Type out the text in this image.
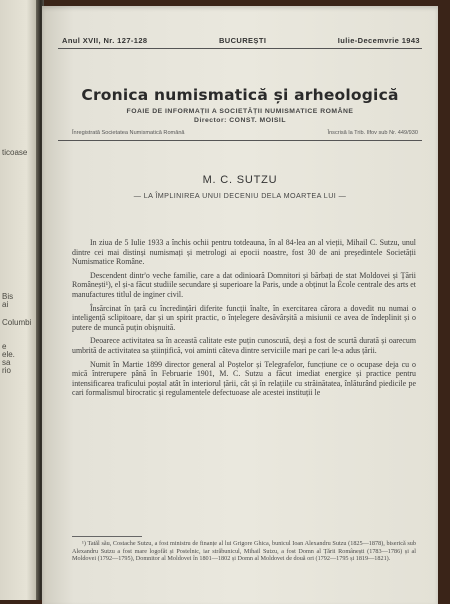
ticoase
Bis
ai
Columbi
e
ele.
sa
rio
Anul XVII, Nr. 127-128	BUCUREȘTI	Iulie-Decemvrie 1943
Cronica numismatică și arheologică
FOAIE DE INFORMAȚII A SOCIETĂȚII NUMISMATICE ROMÂNE
Director: CONST. MOISIL
Înregistrată Societatea Numismatică Română	Înscrisă la Trib. Ilfov sub Nr. 449/930
M. C. SUTZU
— LA ÎMPLINIREA UNUI DECENIU DELA MOARTEA LUI —

In ziua de 5 Iulie 1933 a închis ochii pentru totdeauna, în al 84-lea an al vieții, Mihail C. Sutzu, unul dintre cei mai distinși numismați și metrologi ai epocii noastre, fost 30 de ani președintele Societății Numismatice Române.

Descendent dintr'o veche familie, care a dat odinioară Domnitori și bărbați de stat Moldovei și Țării Românești¹), el și-a făcut studiile secundare și superioare la Paris, unde a obținut la École centrale des arts et manufactures titlul de inginer civil.

Însărcinat în țară cu încredințări diferite funcții înalte, în exercitarea cărora a dovedit nu numai o inteligență sclipitoare, dar și un spirit practic, o înțelegere desăvârșită a misiunii ce avea de îndeplinit și o putere de muncă puțin obișnuită.

Deoarece activitatea sa în această calitate este puțin cunoscută, deși a fost de scurtă durată și oarecum umbrită de activitatea sa științifică, voi aminti câteva dintre serviciile mari pe cari le-a adus țării.

Numit în Martie 1899 director general al Poștelor și Telegrafelor, funcțiune ce o ocupase deja cu o mică întrerupere până în Februarie 1901, M. C. Sutzu a făcut imediat energice și practice pentru intensificarea traficului poștal atât în interiorul țării, cât și în relațiile cu străinătatea, înlăturând piedicile pe cari formalismul birocratic și regulamentele defectuoase ale acestei instituții le

¹) Tatăl său, Costache Sutzu, a fost ministru de finanțe al lui Grigore Ghica, bunicul Ioan Alexandru Sutzu (1825—1878), biserică sub Alexandru Sutzu a fost mare logofăt și Postelnic, iar străbunicul, Mihail Sutzu, a fost Domn al Țării Românești (1783—1786) și al Moldovei (1792—1795), Domnitor al Moldovei în 1801—1802 și Domn al Moldovei de două ori (1792—1795 și 1819—1821).
